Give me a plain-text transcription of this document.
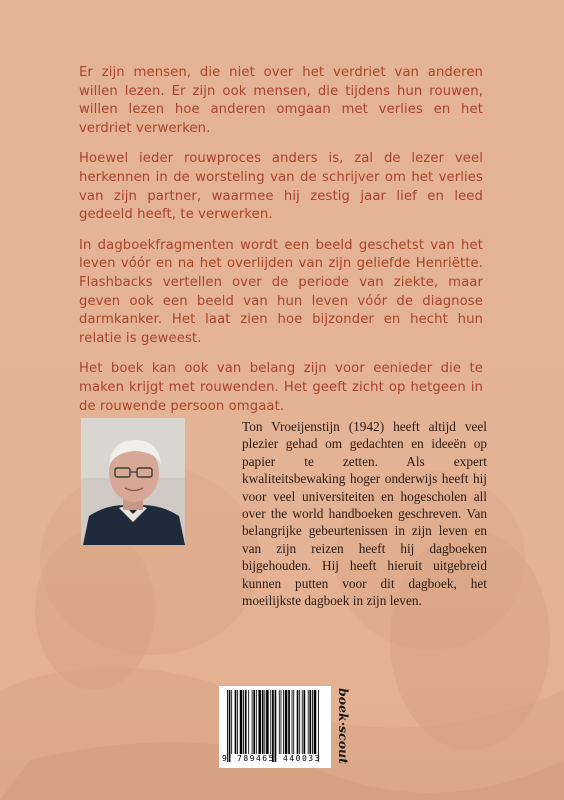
Er zijn mensen, die niet over het verdriet van anderen willen lezen. Er zijn ook mensen, die tijdens hun rouwen, willen lezen hoe anderen omgaan met verlies en het verdriet verwerken.

Hoewel ieder rouwproces anders is, zal de lezer veel herkennen in de worsteling van de schrijver om het verlies van zijn partner, waarmee hij zestig jaar lief en leed gedeeld heeft, te verwerken.

In dagboekfragmenten wordt een beeld geschetst van het leven vóór en na het overlijden van zijn geliefde Henriëtte. Flashbacks vertellen over de periode van ziekte, maar geven ook een beeld van hun leven vóór de diagnose darmkanker. Het laat zien hoe bijzonder en hecht hun relatie is geweest.

Het boek kan ook van belang zijn voor eenieder die te maken krijgt met rouwenden. Het geeft zicht op hetgeen in de rouwende persoon omgaat.

Ton Vroeijenstijn (1942) heeft altijd veel plezier gehad om gedachten en ideeën op papier te zetten. Als expert kwaliteitsbewaking hoger onderwijs heeft hij voor veel universiteiten en hogescholen all over the world handboeken geschreven. Van belangrijke gebeurtenissen in zijn leven en van zijn reizen heeft hij dagboeken bijgehouden. Hij heeft hieruit uitgebreid kunnen putten voor dit dagboek, het moeilijkste dagboek in zijn leven.
9 789465 440033 boek·scout
